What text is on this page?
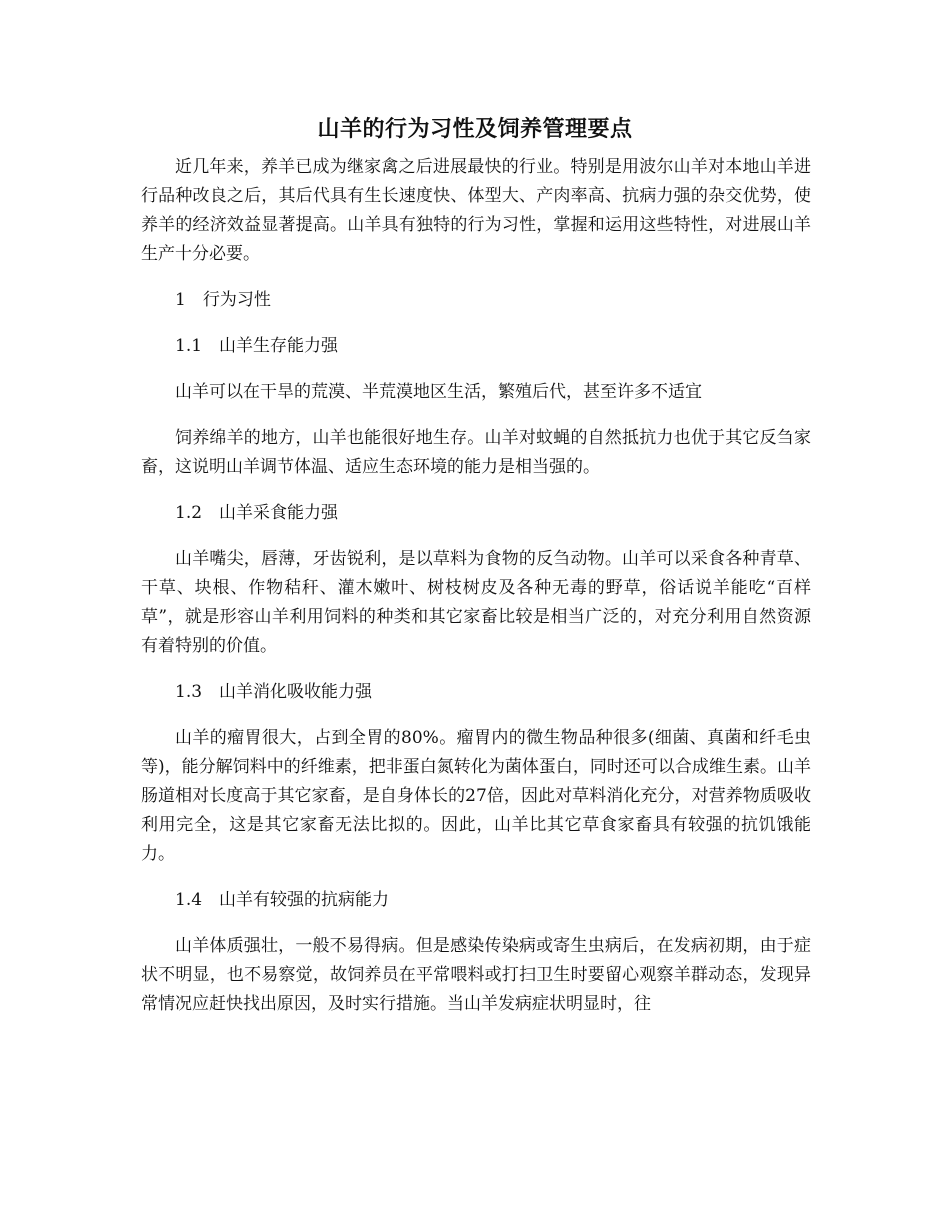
山羊的行为习性及饲养管理要点

近几年来，养羊已成为继家禽之后进展最快的行业。特别是用波尔山羊对本地山羊进行品种改良之后，其后代具有生长速度快、体型大、产肉率高、抗病力强的杂交优势，使养羊的经济效益显著提高。山羊具有独特的行为习性，掌握和运用这些特性，对进展山羊生产十分必要。

1　行为习性

1.1　山羊生存能力强

山羊可以在干旱的荒漠、半荒漠地区生活，繁殖后代，甚至许多不适宜

饲养绵羊的地方，山羊也能很好地生存。山羊对蚊蝇的自然抵抗力也优于其它反刍家畜，这说明山羊调节体温、适应生态环境的能力是相当强的。

1.2　山羊采食能力强

山羊嘴尖，唇薄，牙齿锐利，是以草料为食物的反刍动物。山羊可以采食各种青草、干草、块根、作物秸秆、灌木嫩叶、树枝树皮及各种无毒的野草，俗话说羊能吃“百样草”，就是形容山羊利用饲料的种类和其它家畜比较是相当广泛的，对充分利用自然资源有着特别的价值。

1.3　山羊消化吸收能力强

山羊的瘤胃很大，占到全胃的80%。瘤胃内的微生物品种很多(细菌、真菌和纤毛虫等)，能分解饲料中的纤维素，把非蛋白氮转化为菌体蛋白，同时还可以合成维生素。山羊肠道相对长度高于其它家畜，是自身体长的27倍，因此对草料消化充分，对营养物质吸收利用完全，这是其它家畜无法比拟的。因此，山羊比其它草食家畜具有较强的抗饥饿能力。

1.4　山羊有较强的抗病能力

山羊体质强壮，一般不易得病。但是感染传染病或寄生虫病后，在发病初期，由于症状不明显，也不易察觉，故饲养员在平常喂料或打扫卫生时要留心观察羊群动态，发现异常情况应赶快找出原因，及时实行措施。当山羊发病症状明显时，往
